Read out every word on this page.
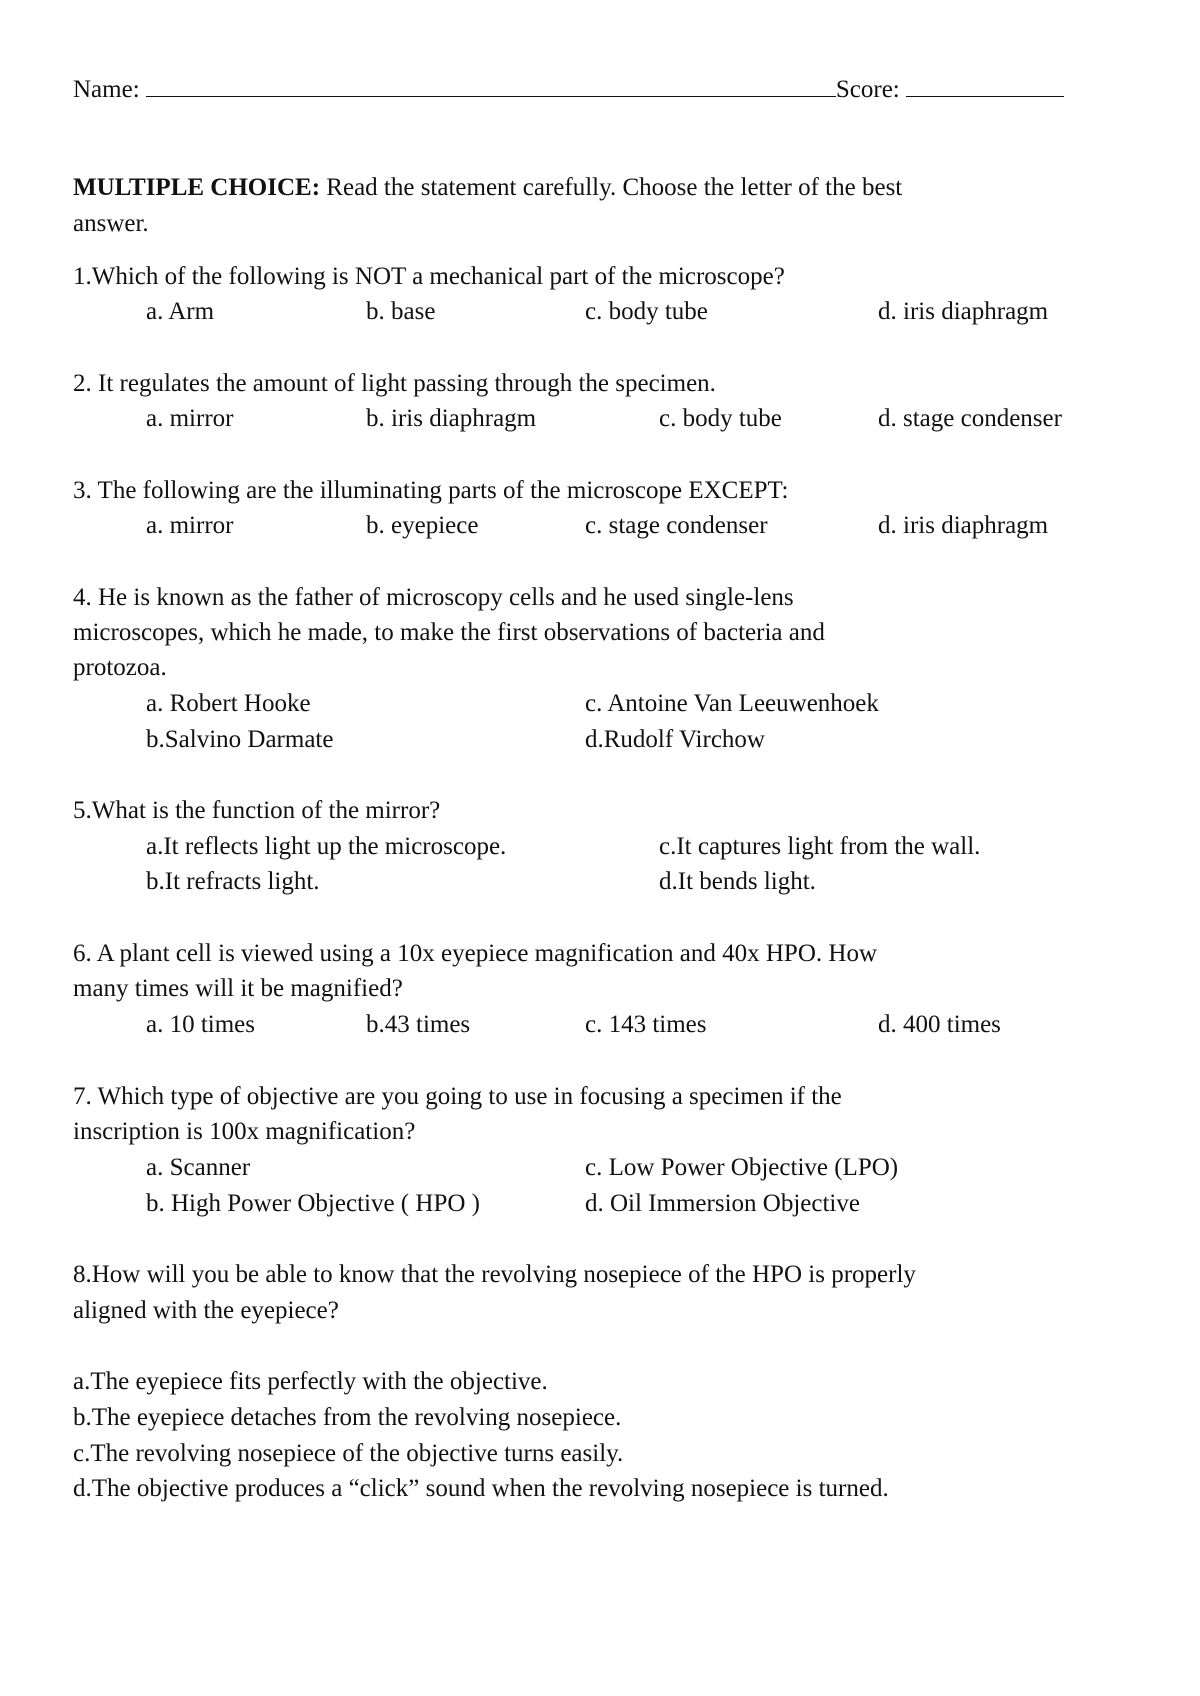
Name:	Score:
MULTIPLE CHOICE: Read the statement carefully. Choose the letter of the best
answer.
1.Which of the following is NOT a mechanical part of the microscope?
a. Arm	b. base	c. body tube	d. iris diaphragm
2. It regulates the amount of light passing through the specimen.
a. mirror	b. iris diaphragm	c. body tube	d. stage condenser
3. The following are the illuminating parts of the microscope EXCEPT:
a. mirror	b. eyepiece	c. stage condenser	d. iris diaphragm
4. He is known as the father of microscopy cells and he used single-lens
microscopes, which he made, to make the first observations of bacteria and
protozoa.
a. Robert Hooke	c. Antoine Van Leeuwenhoek
b.Salvino Darmate	d.Rudolf Virchow
5.What is the function of the mirror?
a.It reflects light up the microscope.	c.It captures light from the wall.
b.It refracts light.	d.It bends light.
6. A plant cell is viewed using a 10x eyepiece magnification and 40x HPO. How
many times will it be magnified?
a. 10 times	b.43 times	c. 143 times	d. 400 times
7. Which type of objective are you going to use in focusing a specimen if the
inscription is 100x magnification?
a. Scanner	c. Low Power Objective (LPO)
b. High Power Objective ( HPO )	d. Oil Immersion Objective
8.How will you be able to know that the revolving nosepiece of the HPO is properly
aligned with the eyepiece?
a.The eyepiece fits perfectly with the objective.
b.The eyepiece detaches from the revolving nosepiece.
c.The revolving nosepiece of the objective turns easily.
d.The objective produces a “click” sound when the revolving nosepiece is turned.
